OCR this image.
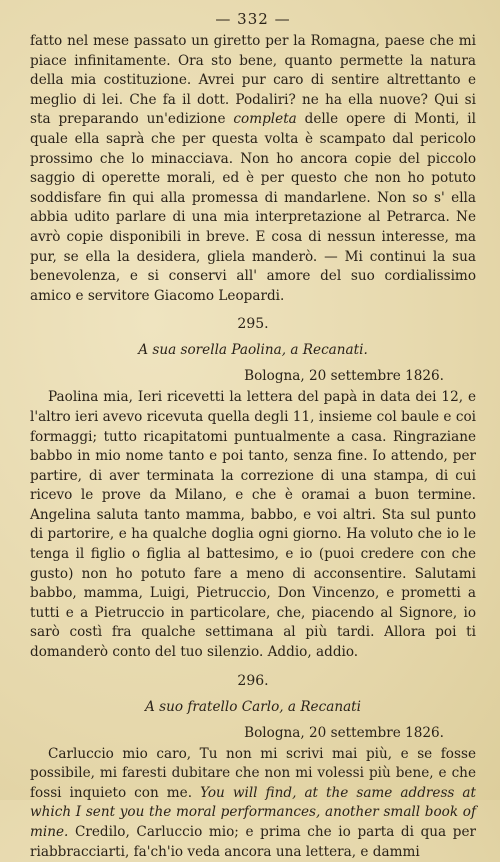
— 332 —

fatto nel mese passato un giretto per la Romagna, paese che mi piace infinitamente. Ora sto bene, quanto permette la natura della mia costituzione. Avrei pur caro di sentire altrettanto e meglio di lei. Che fa il dott. Podaliri? ne ha ella nuove? Qui si sta preparando un'edizione completa delle opere di Monti, il quale ella saprà che per questa volta è scampato dal pericolo prossimo che lo minacciava. Non ho ancora copie del piccolo saggio di operette morali, ed è per questo che non ho potuto soddisfare fin qui alla promessa di mandarlene. Non so s' ella abbia udito parlare di una mia interpretazione al Petrarca. Ne avrò copie disponibili in breve. E cosa di nessun interesse, ma pur, se ella la desidera, gliela manderò. — Mi continui la sua benevolenza, e si conservi all' amore del suo cordialissimo amico e servitore Giacomo Leopardi.

295.
A sua sorella Paolina, a Recanati.
Bologna, 20 settembre 1826.

Paolina mia, Ieri ricevetti la lettera del papà in data dei 12, e l'altro ieri avevo ricevuta quella degli 11, insieme col baule e coi formaggi; tutto ricapitatomi puntualmente a casa. Ringraziane babbo in mio nome tanto e poi tanto, senza fine. Io attendo, per partire, di aver terminata la correzione di una stampa, di cui ricevo le prove da Milano, e che è oramai a buon termine. Angelina saluta tanto mamma, babbo, e voi altri. Sta sul punto di partorire, e ha qualche doglia ogni giorno. Ha voluto che io le tenga il figlio o figlia al battesimo, e io (puoi credere con che gusto) non ho potuto fare a meno di acconsentire. Salutami babbo, mamma, Luigi, Pietruccio, Don Vincenzo, e prometti a tutti e a Pietruccio in particolare, che, piacendo al Signore, io sarò costì fra qualche settimana al più tardi. Allora poi ti domanderò conto del tuo silenzio. Addio, addio.

296.
A suo fratello Carlo, a Recanati
Bologna, 20 settembre 1826.

Carluccio mio caro, Tu non mi scrivi mai più, e se fosse possibile, mi faresti dubitare che non mi volessi più bene, e che fossi inquieto con me. You will find, at the same address at which I sent you the moral performances, another small book of mine. Credilo, Carluccio mio; e prima che io parta di qua per riabbracciarti, fa'ch'io veda ancora una lettera, e dammi
